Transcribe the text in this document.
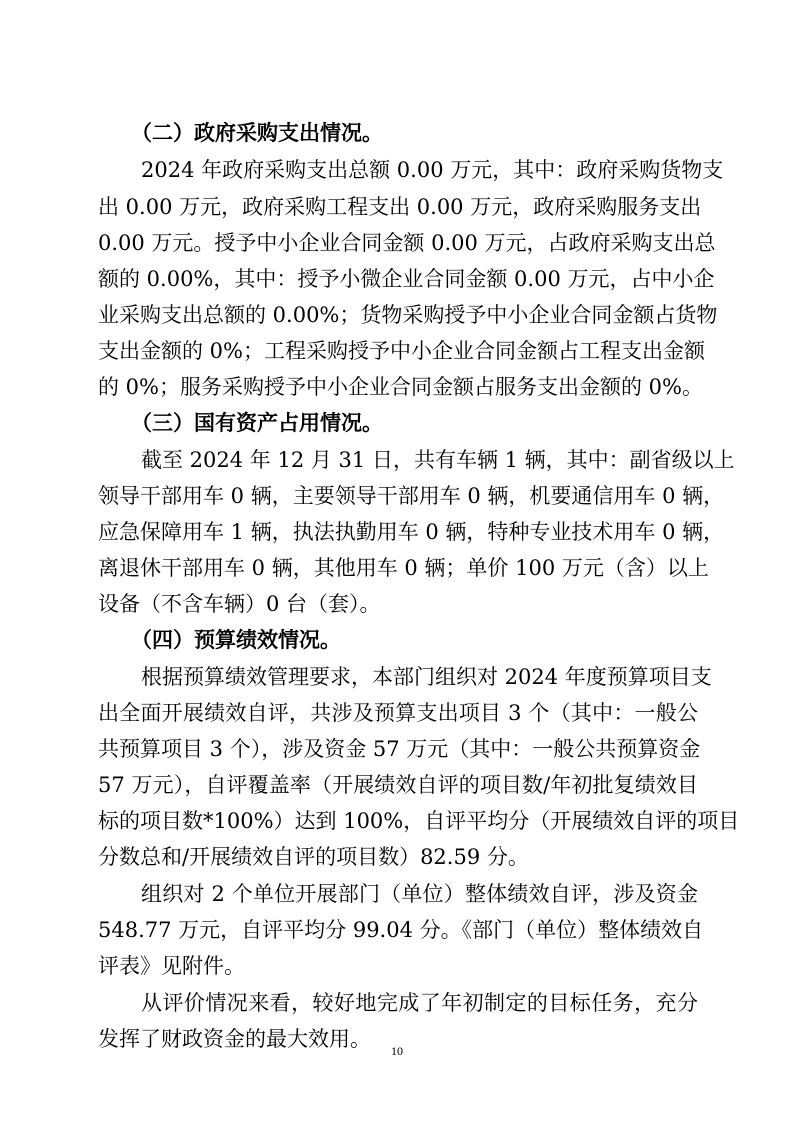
（二）政府采购支出情况。
2024 年政府采购支出总额 0.00 万元，其中：政府采购货物支
出 0.00 万元，政府采购工程支出 0.00 万元，政府采购服务支出
0.00 万元。授予中小企业合同金额 0.00 万元，占政府采购支出总
额的 0.00%，其中：授予小微企业合同金额 0.00 万元，占中小企
业采购支出总额的 0.00%；货物采购授予中小企业合同金额占货物
支出金额的 0%；工程采购授予中小企业合同金额占工程支出金额
的 0%；服务采购授予中小企业合同金额占服务支出金额的 0%。
（三）国有资产占用情况。
截至 2024 年 12 月 31 日，共有车辆 1 辆，其中：副省级以上
领导干部用车 0 辆，主要领导干部用车 0 辆，机要通信用车 0 辆，
应急保障用车 1 辆，执法执勤用车 0 辆，特种专业技术用车 0 辆，
离退休干部用车 0 辆，其他用车 0 辆；单价 100 万元（含）以上
设备（不含车辆）0 台（套）。
（四）预算绩效情况。
根据预算绩效管理要求，本部门组织对 2024 年度预算项目支
出全面开展绩效自评，共涉及预算支出项目 3 个（其中：一般公
共预算项目 3 个），涉及资金 57 万元（其中：一般公共预算资金
57 万元），自评覆盖率（开展绩效自评的项目数/年初批复绩效目
标的项目数*100%）达到 100%，自评平均分（开展绩效自评的项目
分数总和/开展绩效自评的项目数）82.59 分。
组织对 2 个单位开展部门（单位）整体绩效自评，涉及资金
548.77 万元，自评平均分 99.04 分。《部门（单位）整体绩效自
评表》见附件。
从评价情况来看，较好地完成了年初制定的目标任务，充分
发挥了财政资金的最大效用。	10
